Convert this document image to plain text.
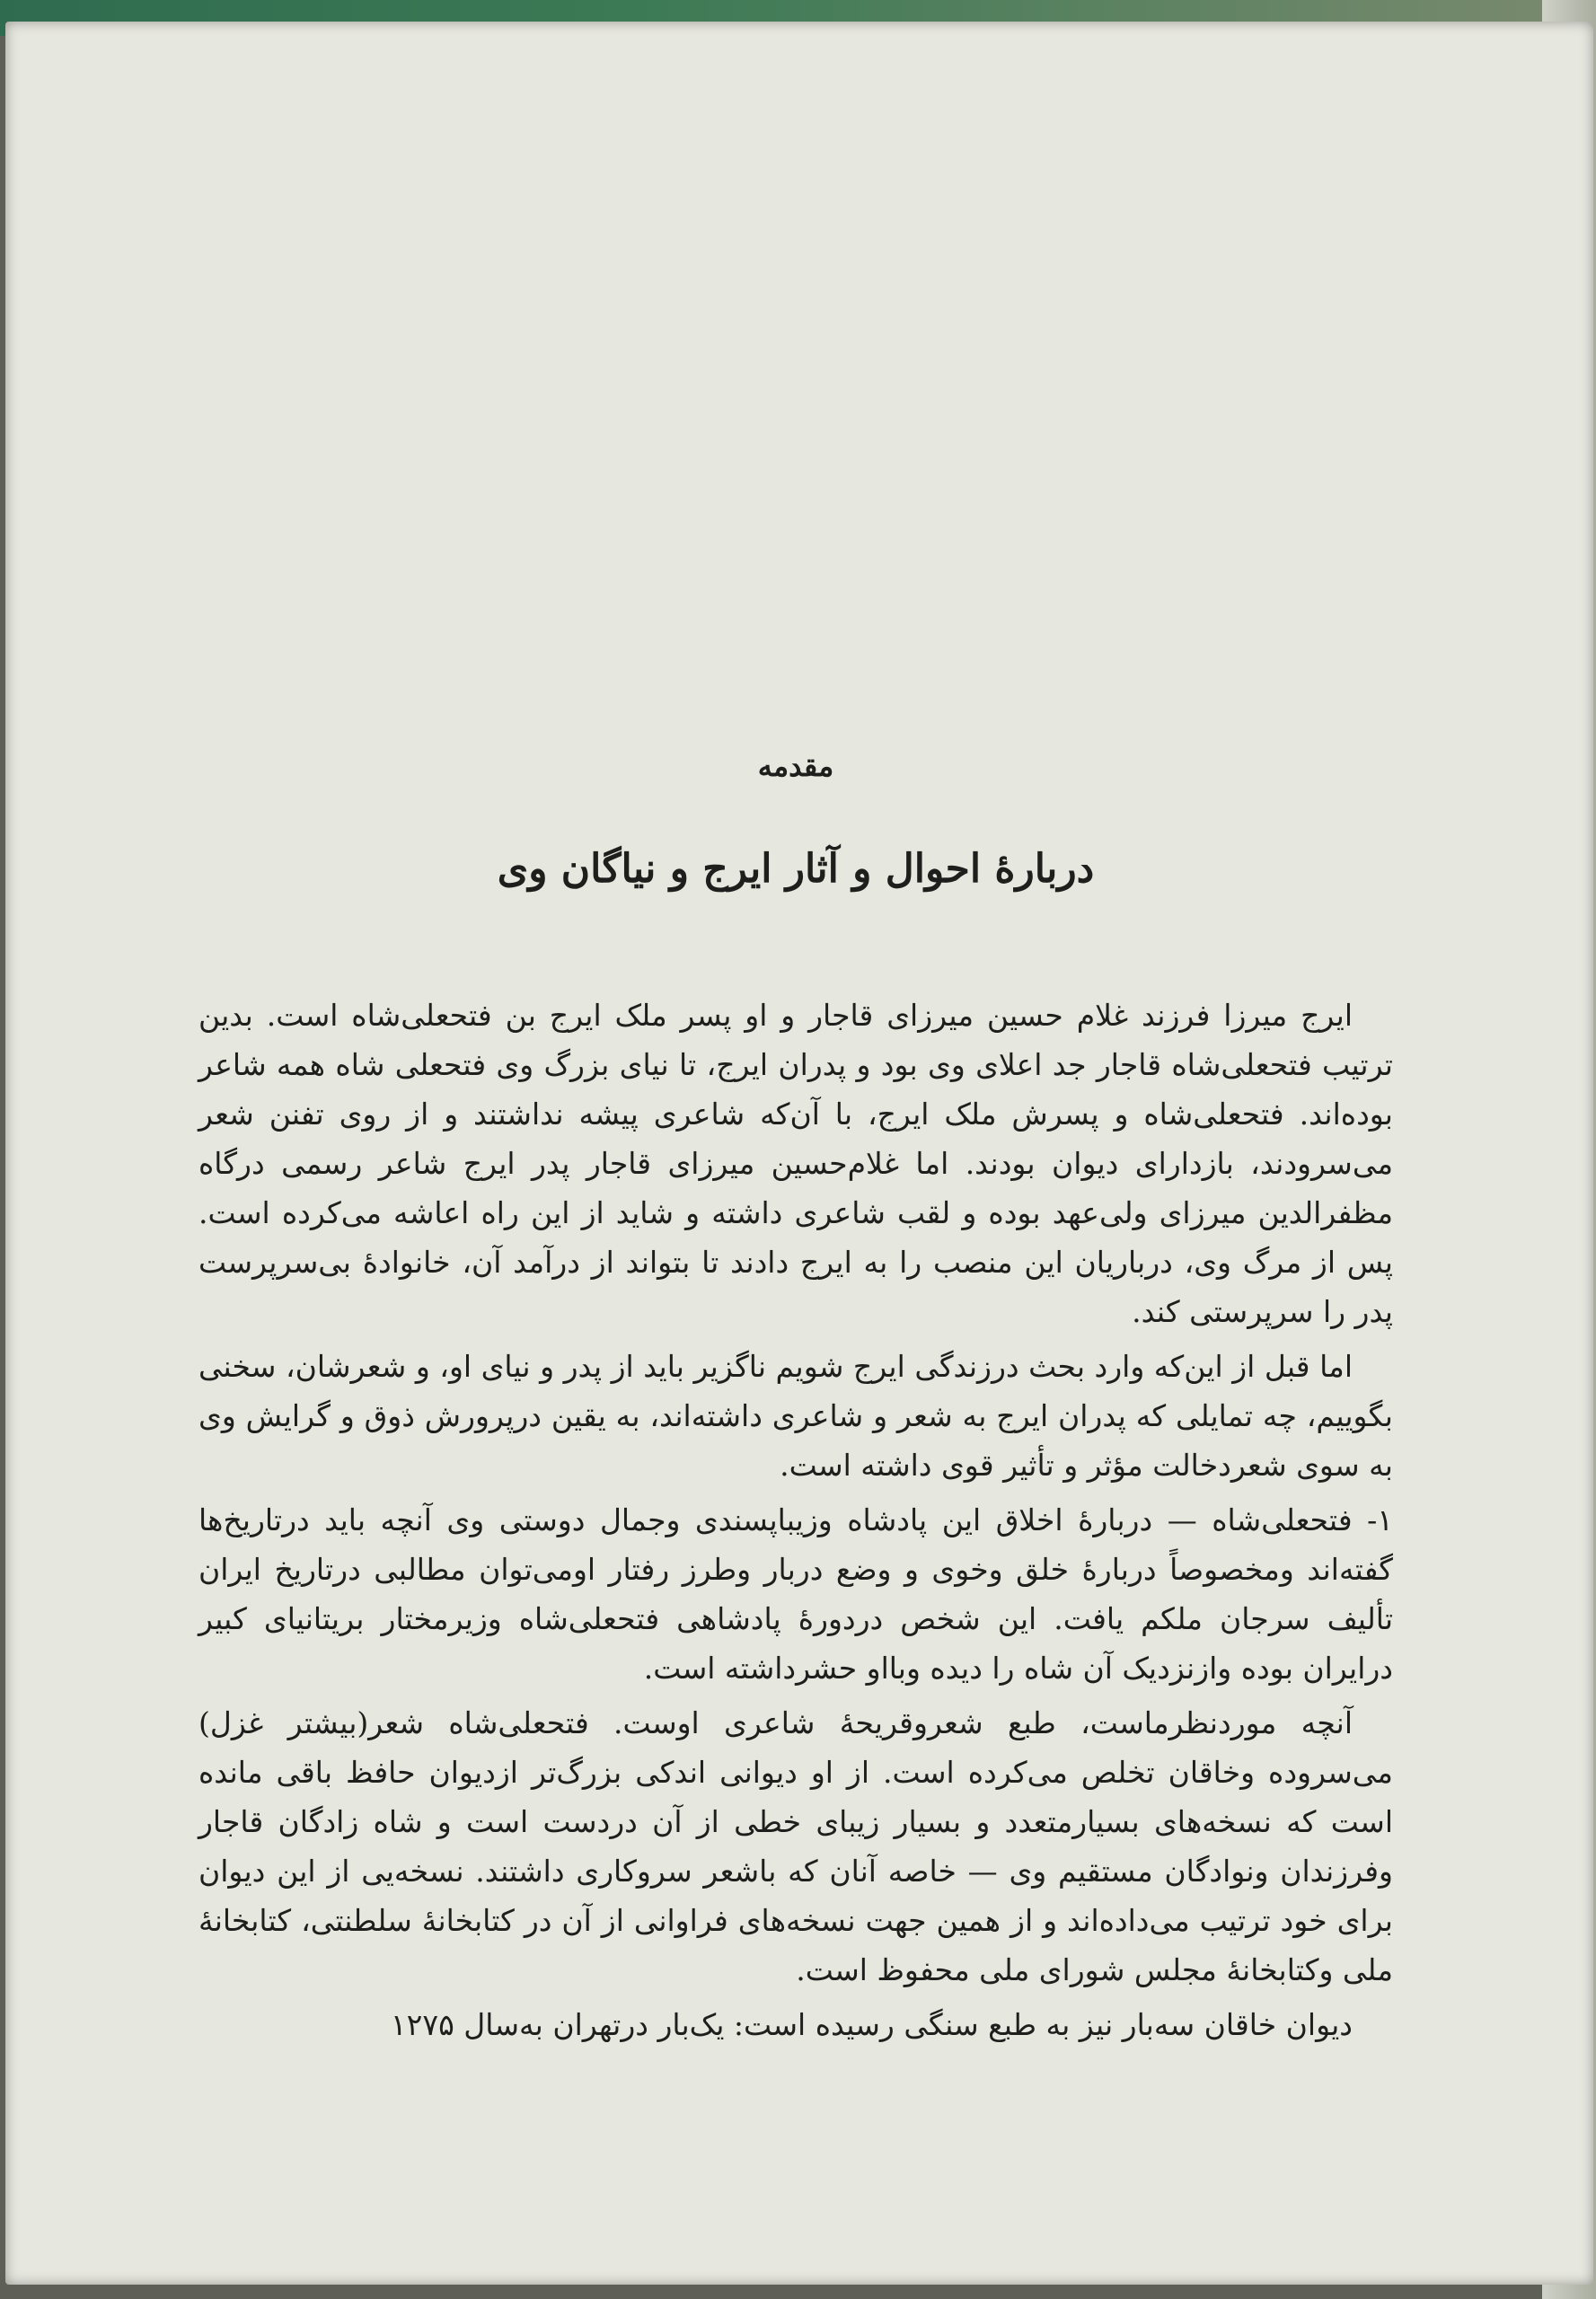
مقدمه
دربارهٔ احوال و آثار ایرج و نیاگان وی

ایرج میرزا فرزند غلام حسین میرزای قاجار و او پسر ملک ایرج بن فتحعلی‌شاه است. بدین ترتیب فتحعلی‌شاه قاجار جد اعلای وی بود و پدران ایرج، تا نیای بزرگ وی فتحعلی شاه همه شاعر بوده‌اند. فتحعلی‌شاه و پسرش ملک ایرج، با آن‌که شاعری پیشه نداشتند و از روی تفنن شعر می‌سرودند، بازدارای دیوان بودند. اما غلام‌حسین میرزای قاجار پدر ایرج شاعر رسمی درگاه مظفرالدین میرزای ولی‌عهد بوده و لقب شاعری داشته و شاید از این راه اعاشه می‌کرده است. پس از مرگ وی، درباریان این منصب را به ایرج دادند تا بتواند از درآمد آن، خانوادهٔ بی‌سرپرست پدر را سرپرستی کند.

اما قبل از این‌که وارد بحث درزندگی ایرج شویم ناگزیر باید از پدر و نیای او، و شعرشان، سخنی بگوییم، چه تمایلی که پدران ایرج به شعر و شاعری داشته‌اند، به یقین درپرورش ذوق و گرایش وی به سوی شعردخالت مؤثر و تأثیر قوی داشته است.

۱- فتحعلی‌شاه — دربارهٔ اخلاق این پادشاه وزیباپسندی وجمال دوستی وی آنچه باید درتاریخ‌ها گفته‌اند ومخصوصاً دربارهٔ خلق وخوی و وضع دربار وطرز رفتار اومی‌توان مطالبی درتاریخ ایران تألیف سرجان ملکم یافت. این شخص دردورهٔ پادشاهی فتحعلی‌شاه وزیرمختار بریتانیای کبیر درایران بوده وازنزدیک آن شاه را دیده وبااو حشرداشته است.

آنچه موردنظرماست، طبع شعروقریحهٔ شاعری اوست. فتحعلی‌شاه شعر(بیشتر غزل) می‌سروده وخاقان تخلص می‌کرده است. از او دیوانی اندکی بزرگ‌تر ازدیوان حافظ باقی مانده است که نسخه‌های بسیارمتعدد و بسیار زیبای خطی از آن دردست است و شاه زادگان قاجار وفرزندان ونوادگان مستقیم وی — خاصه آنان که باشعر سروکاری داشتند. نسخه‌یی از این دیوان برای خود ترتیب می‌داده‌اند و از همین جهت نسخه‌های فراوانی از آن در کتابخانهٔ سلطنتی، کتابخانهٔ ملی وکتابخانهٔ مجلس شورای ملی محفوظ است.

دیوان خاقان سه‌بار نیز به طبع سنگی رسیده است: یک‌بار درتهران به‌سال ۱۲۷۵
